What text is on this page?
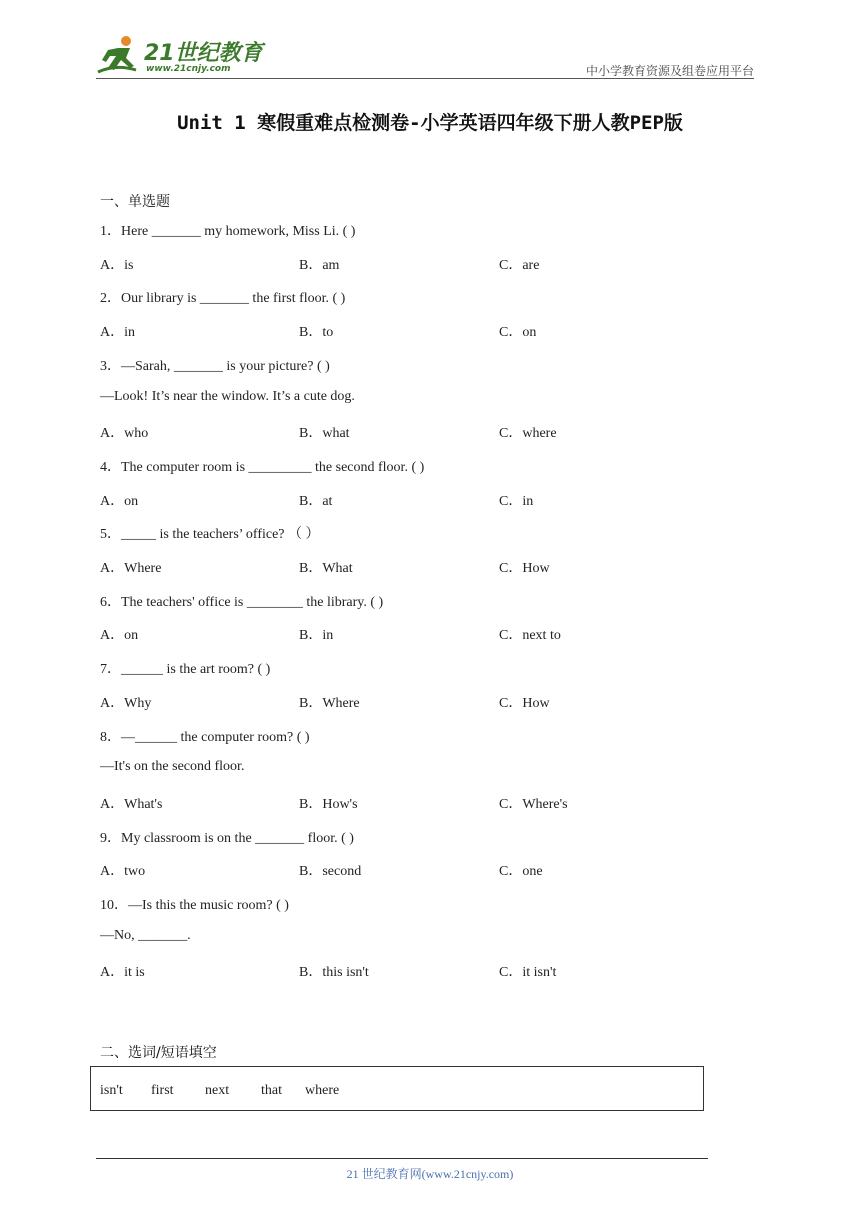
21世纪教育
www.21cnjy.com	中小学教育资源及组卷应用平台
Unit 1 寒假重难点检测卷-小学英语四年级下册人教PEP版
一、单选题
1．Here _______ my homework, Miss Li. ( )
A．is	B．am	C．are
2．Our library is _______ the first floor. ( )
A．in	B．to	C．on
3．—Sarah, _______ is your picture? ( )
—Look! It’s near the window. It’s a cute dog.
A．who	B．what	C．where
4．The computer room is _________ the second floor. ( )
A．on	B．at	C．in
5．_____ is the teachers’ office? （ ）
A．Where	B．What	C．How
6．The teachers' office is ________ the library. ( )
A．on	B．in	C．next to
7．______ is the art room? ( )
A．Why	B．Where	C．How
8．—______ the computer room? ( )
—It's on the second floor.
A．What's	B．How's	C．Where's
9．My classroom is on the _______ floor. ( )
A．two	B．second	C．one
10．—Is this the music room? ( )
—No, _______.
A．it is	B．this isn't	C．it isn't
二、选词/短语填空
isn't first next that where
21 世纪教育网(www.21cnjy.com)
